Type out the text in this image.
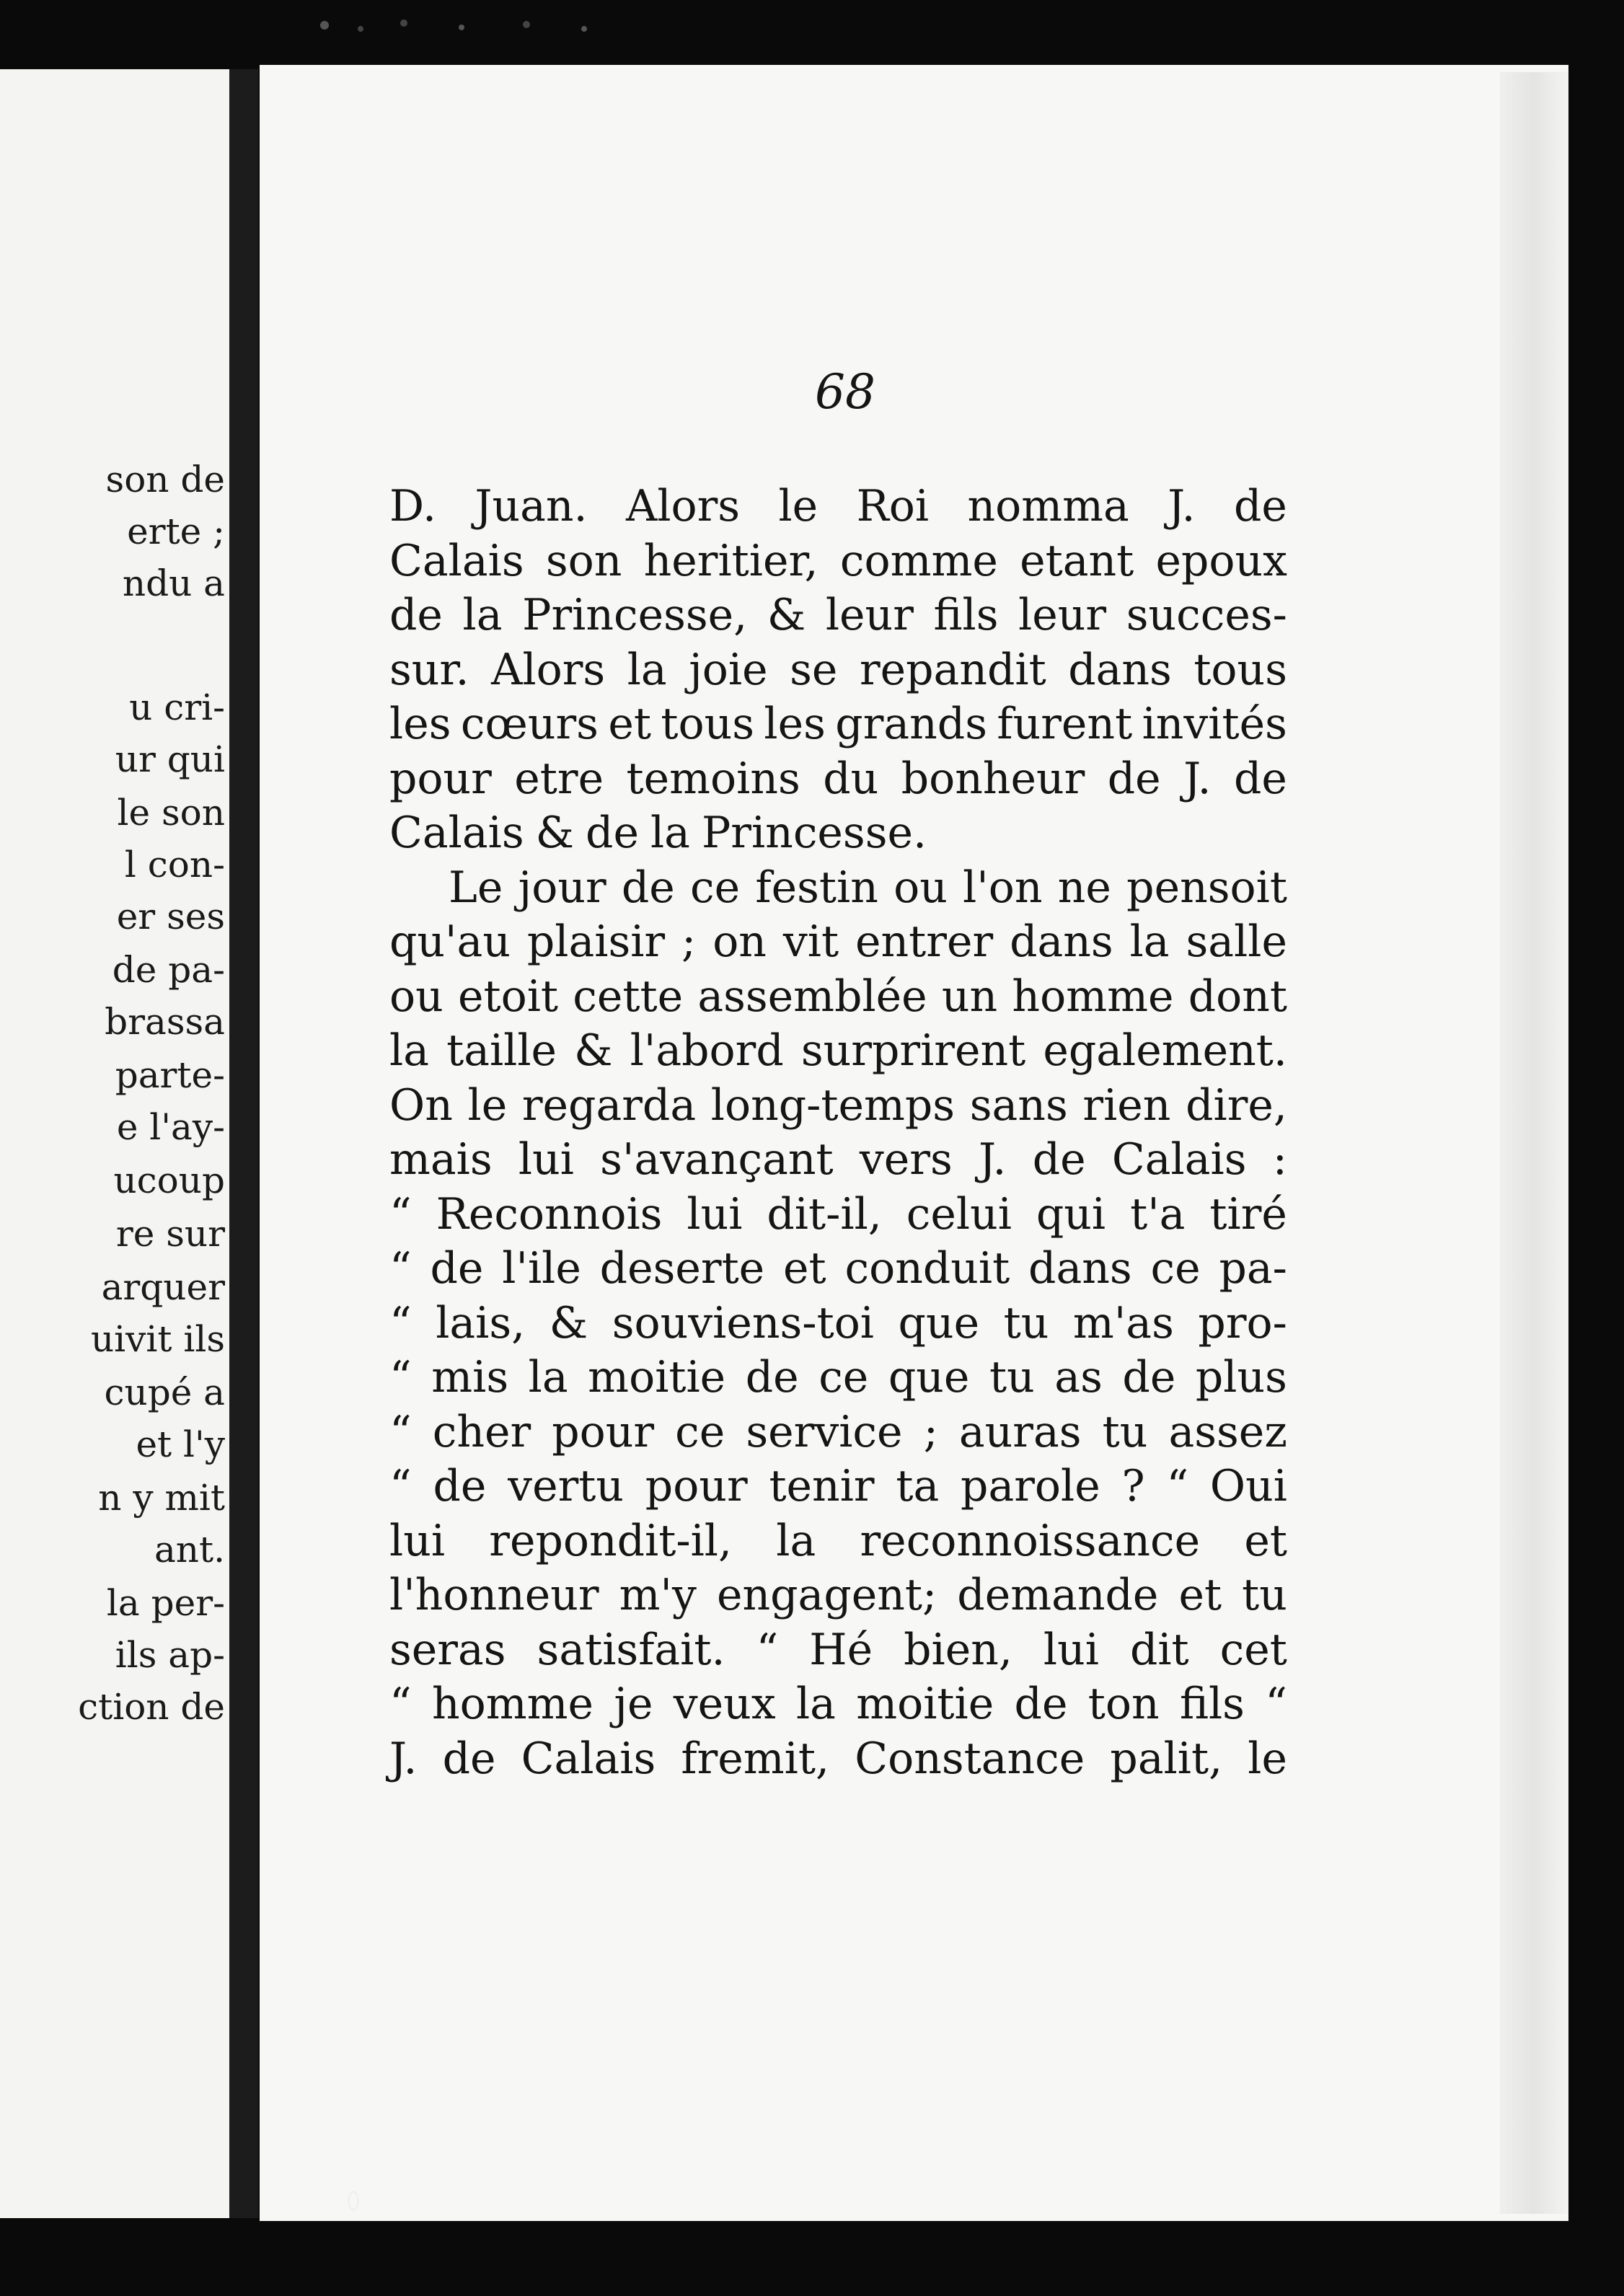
son de
erte ;
ndu a
u cri-
ur qui
le son
l con-
er ses
de pa-
brassa
parte-
e l'ay-
ucoup
re sur
arquer
uivit ils
cupé a
et l'y
n y mit
ant.
la per-
ils ap-
ction de
68
D. Juan. Alors le Roi nomma J. de
Calais son heritier, comme etant epoux
de la Princesse, & leur fils leur succes-
sur. Alors la joie se repandit dans tous
les cœurs et tous les grands furent invités
pour etre temoins du bonheur de J. de
Calais & de la Princesse.
Le jour de ce festin ou l'on ne pensoit
qu'au plaisir ; on vit entrer dans la salle
ou etoit cette assemblée un homme dont
la taille & l'abord surprirent egalement.
On le regarda long-temps sans rien dire,
mais lui s'avançant vers J. de Calais :
“ Reconnois lui dit-il, celui qui t'a tiré
“ de l'ile deserte et conduit dans ce pa-
“ lais, & souviens-toi que tu m'as pro-
“ mis la moitie de ce que tu as de plus
“ cher pour ce service ; auras tu assez
“ de vertu pour tenir ta parole ? “ Oui
lui repondit-il, la reconnoissance et
l'honneur m'y engagent; demande et tu
seras satisfait. “ Hé bien, lui dit cet
“ homme je veux la moitie de ton fils “
J. de Calais fremit, Constance palit, le
